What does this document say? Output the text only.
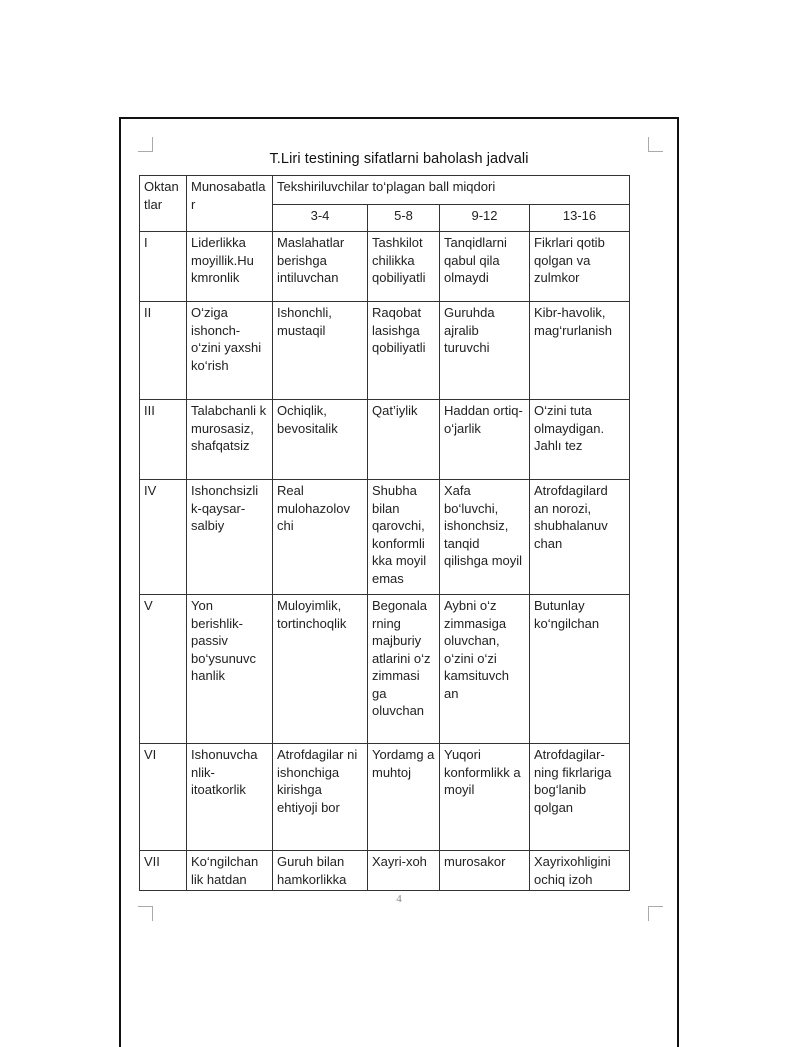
T.Liri testining sifatlarni baholash jadvali
Oktan tlar	Munosabatla r	Tekshiriluvchilar to‘plagan ball miqdori			
		3-4	5-8	9-12	13-16
I	Liderlikka moyillik.Hu kmronlik	Maslahatlar berishga intiluvchan	Tashkilot chilikka qobiliyatli	Tanqidlarni qabul qila olmaydi	Fikrlari qotib qolgan va zulmkor
II	O‘ziga ishonch-o‘zini yaxshi ko‘rish	Ishonchli, mustaqil	Raqobat lasishga qobiliyatli	Guruhda ajralib turuvchi	Kibr-havolik, mag‘rurlanish
III	Talabchanli k murosasiz, shafqatsiz	Ochiqlik, bevositalik	Qat’iylik	Haddan ortiq-o‘jarlik	O‘zini tuta olmaydigan. Jahlı tez
IV	Ishonchsizli k-qaysar-salbiy	Real mulohazolov chi	Shubha bilan qarovchi, konformli kka moyil emas	Xafa bo‘luvchi, ishonchsiz, tanqid qilishga moyil	Atrofdagilard an norozi, shubhalanuv chan
V	Yon berishlik-passiv bo‘ysunuvc hanlik	Muloyimlik, tortinchoqlik	Begonala rning majburiy atlarini o‘z zimmasi ga oluvchan	Aybni o‘z zimmasiga oluvchan, o‘zini o‘zi kamsituvch an	Butunlay ko‘ngilchan
VI	Ishonuvcha nlik-itoatkorlik	Atrofdagilar ni ishonchiga kirishga ehtiyoji bor	Yordamg a muhtoj	Yuqori konformlikk a moyil	Atrofdagilar-ning fikrlariga bog‘lanib qolgan
VII	Ko‘ngilchan lik hatdan	Guruh bilan hamkorlikka	Xayri-xoh	murosakor	Xayrixohligini ochiq izoh
4
